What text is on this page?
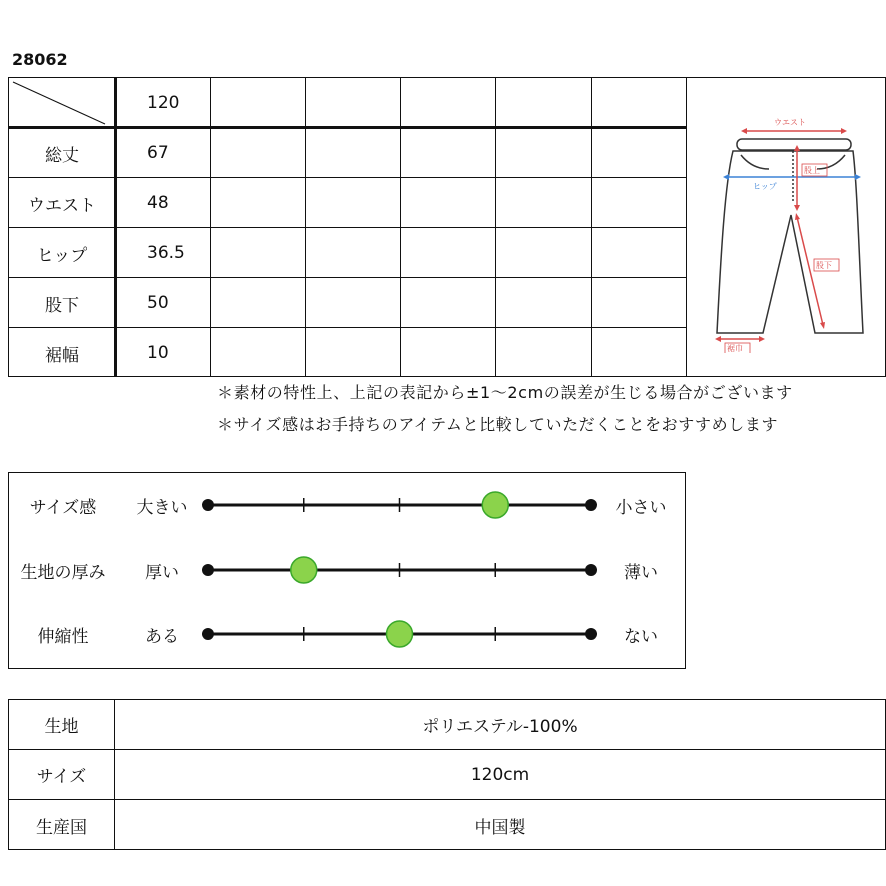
28062
120
総丈	67
ウエスト	48
ヒップ	36.5
股下	50
裾幅	10
ウエスト
ヒップ
股上
股下
裾巾
＊素材の特性上、上記の表記から±1～2cmの誤差が生じる場合がございます
＊サイズ感はお手持ちのアイテムと比較していただくことをおすすめします
サイズ感	大きい	小さい
生地の厚み	厚い	薄い
伸縮性	ある	ない
生地	ポリエステル-100%
サイズ	120cm
生産国	中国製
